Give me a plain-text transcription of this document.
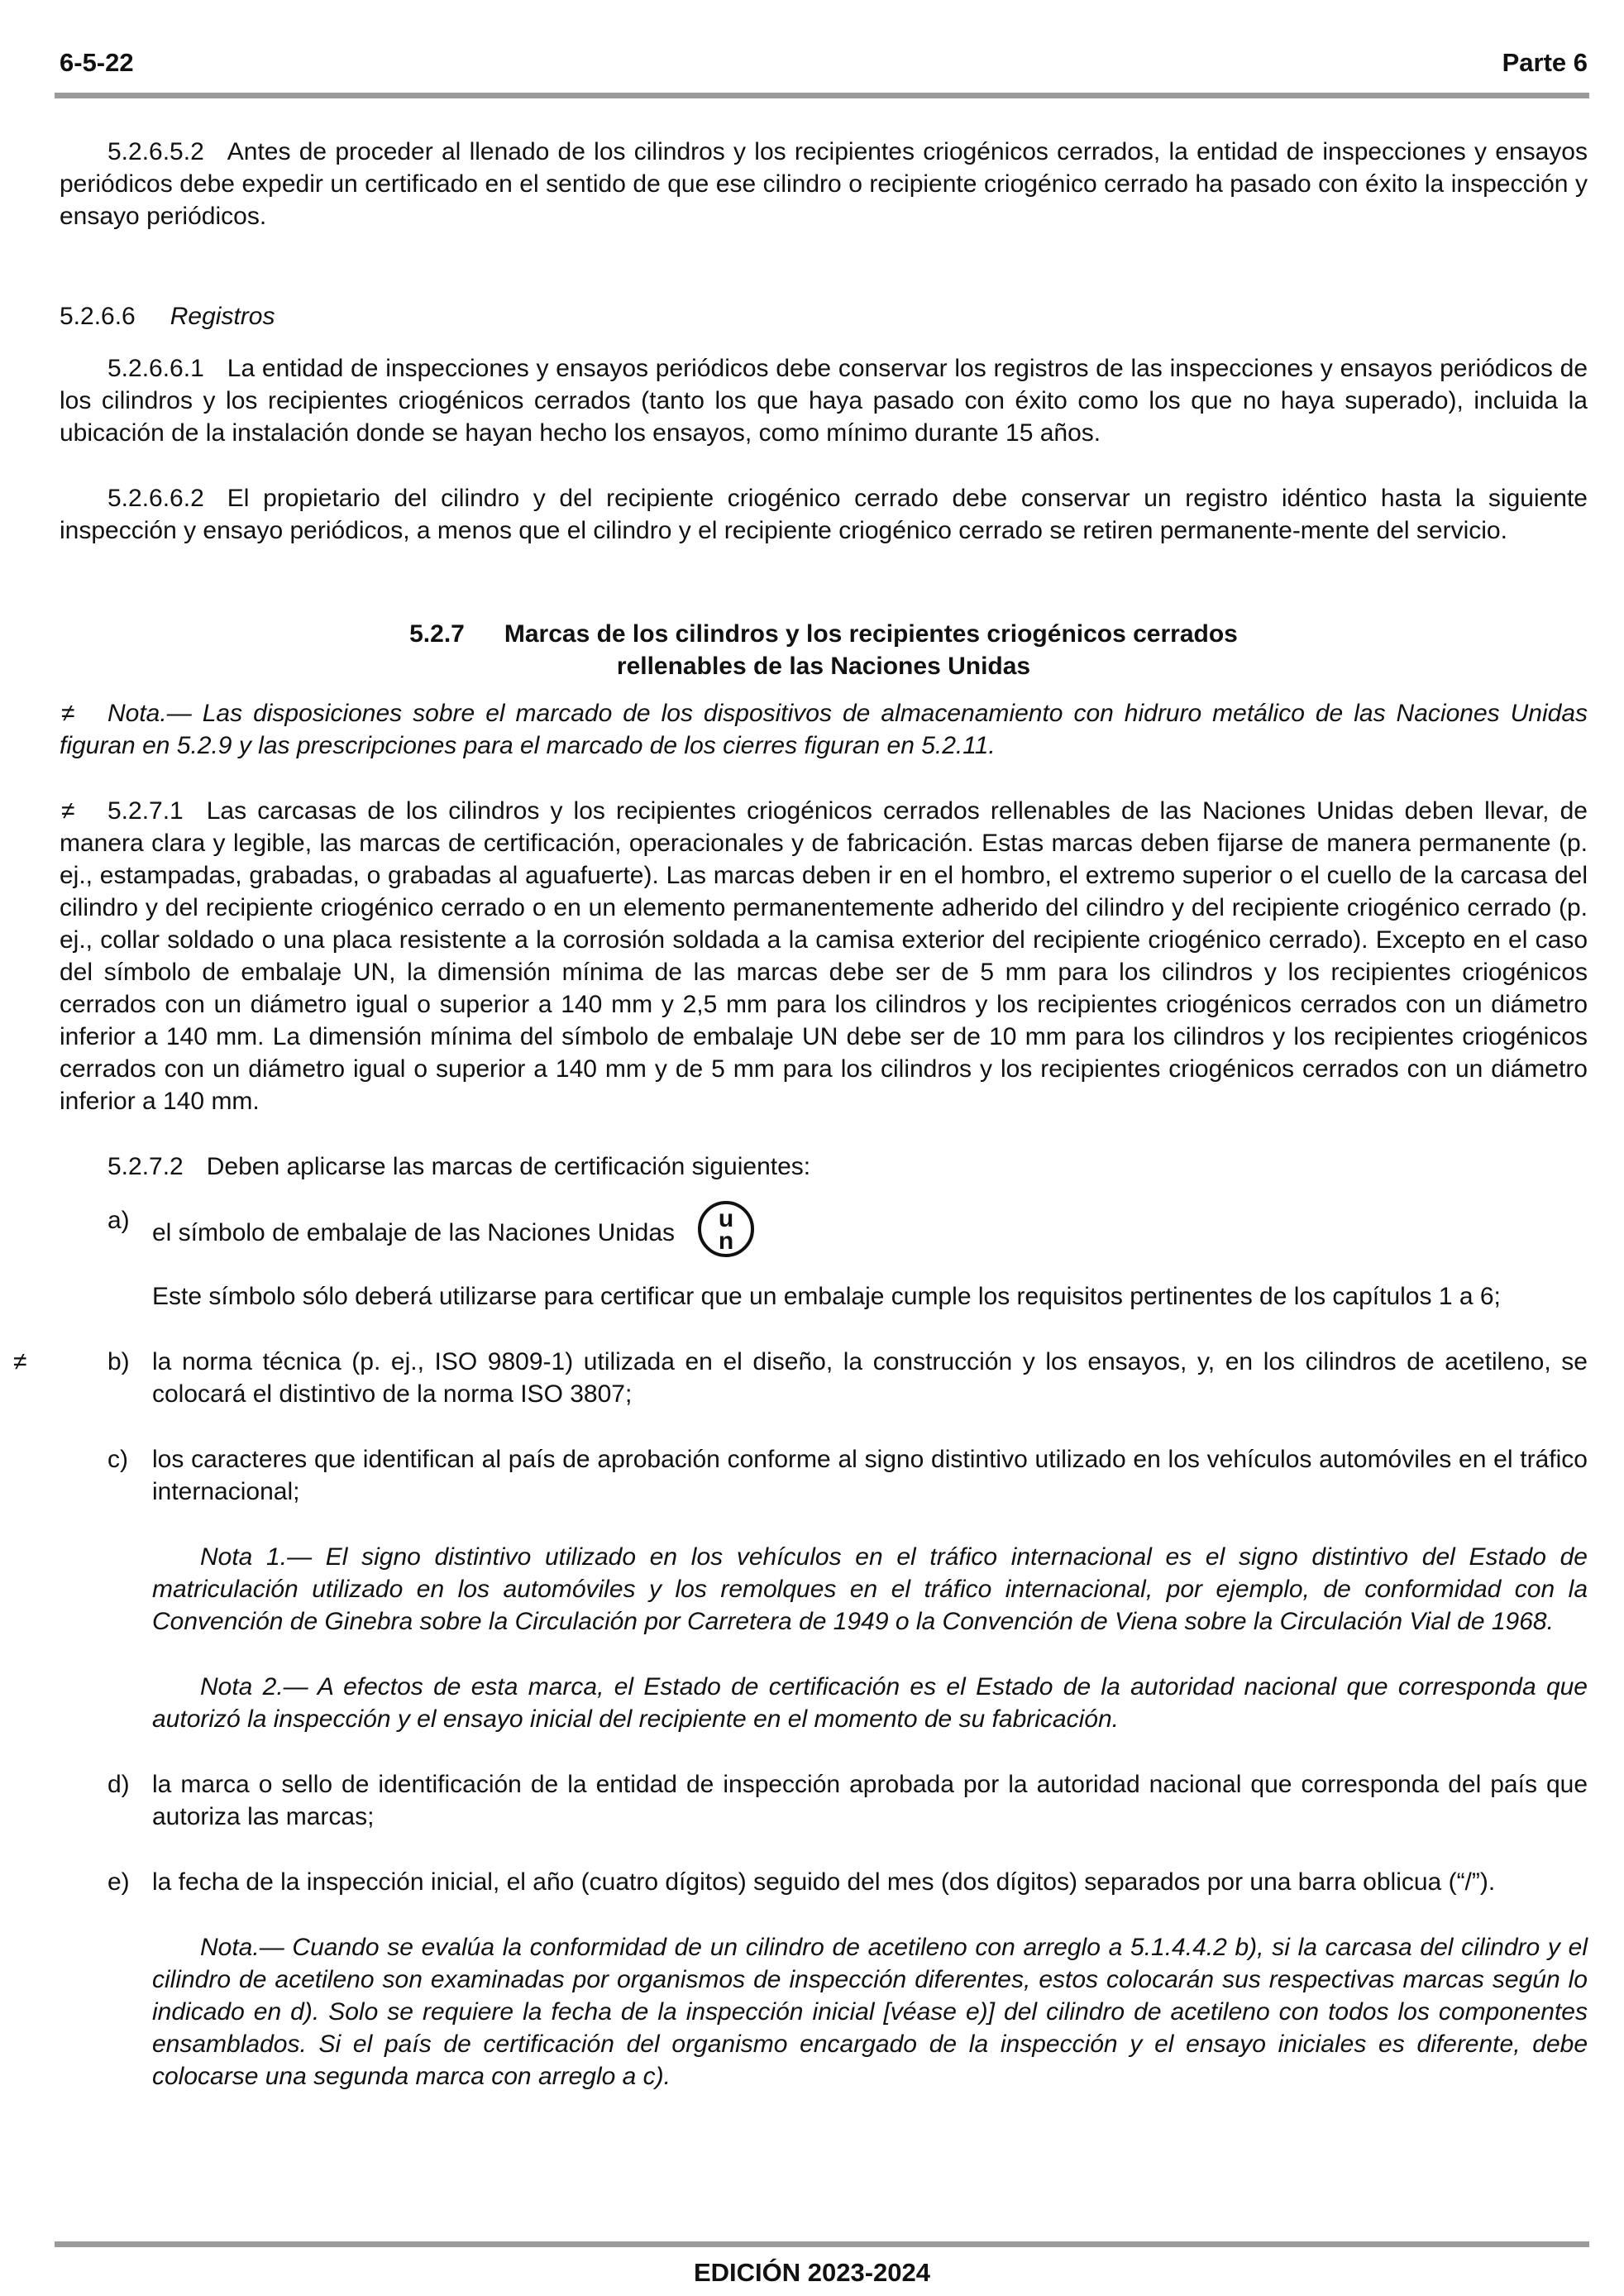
6-5-22	Parte 6
5.2.6.5.2 Antes de proceder al llenado de los cilindros y los recipientes criogénicos cerrados, la entidad de inspecciones y ensayos periódicos debe expedir un certificado en el sentido de que ese cilindro o recipiente criogénico cerrado ha pasado con éxito la inspección y ensayo periódicos.
5.2.6.6 Registros
5.2.6.6.1 La entidad de inspecciones y ensayos periódicos debe conservar los registros de las inspecciones y ensayos periódicos de los cilindros y los recipientes criogénicos cerrados (tanto los que haya pasado con éxito como los que no haya superado), incluida la ubicación de la instalación donde se hayan hecho los ensayos, como mínimo durante 15 años.
5.2.6.6.2 El propietario del cilindro y del recipiente criogénico cerrado debe conservar un registro idéntico hasta la siguiente inspección y ensayo periódicos, a menos que el cilindro y el recipiente criogénico cerrado se retiren permanente-mente del servicio.
5.2.7 Marcas de los cilindros y los recipientes criogénicos cerrados
rellenables de las Naciones Unidas
≠ Nota.— Las disposiciones sobre el marcado de los dispositivos de almacenamiento con hidruro metálico de las Naciones Unidas figuran en 5.2.9 y las prescripciones para el marcado de los cierres figuran en 5.2.11.
≠ 5.2.7.1 Las carcasas de los cilindros y los recipientes criogénicos cerrados rellenables de las Naciones Unidas deben llevar, de manera clara y legible, las marcas de certificación, operacionales y de fabricación. Estas marcas deben fijarse de manera permanente (p. ej., estampadas, grabadas, o grabadas al aguafuerte). Las marcas deben ir en el hombro, el extremo superior o el cuello de la carcasa del cilindro y del recipiente criogénico cerrado o en un elemento permanentemente adherido del cilindro y del recipiente criogénico cerrado (p. ej., collar soldado o una placa resistente a la corrosión soldada a la camisa exterior del recipiente criogénico cerrado). Excepto en el caso del símbolo de embalaje UN, la dimensión mínima de las marcas debe ser de 5 mm para los cilindros y los recipientes criogénicos cerrados con un diámetro igual o superior a 140 mm y 2,5 mm para los cilindros y los recipientes criogénicos cerrados con un diámetro inferior a 140 mm. La dimensión mínima del símbolo de embalaje UN debe ser de 10 mm para los cilindros y los recipientes criogénicos cerrados con un diámetro igual o superior a 140 mm y de 5 mm para los cilindros y los recipientes criogénicos cerrados con un diámetro inferior a 140 mm.
5.2.7.2 Deben aplicarse las marcas de certificación siguientes:
a) el símbolo de embalaje de las Naciones Unidas
u
n
Este símbolo sólo deberá utilizarse para certificar que un embalaje cumple los requisitos pertinentes de los capítulos 1 a 6;
≠	b) la norma técnica (p. ej., ISO 9809-1) utilizada en el diseño, la construcción y los ensayos, y, en los cilindros de acetileno, se colocará el distintivo de la norma ISO 3807;
c) los caracteres que identifican al país de aprobación conforme al signo distintivo utilizado en los vehículos automóviles en el tráfico internacional;
Nota 1.— El signo distintivo utilizado en los vehículos en el tráfico internacional es el signo distintivo del Estado de matriculación utilizado en los automóviles y los remolques en el tráfico internacional, por ejemplo, de conformidad con la Convención de Ginebra sobre la Circulación por Carretera de 1949 o la Convención de Viena sobre la Circulación Vial de 1968.
Nota 2.— A efectos de esta marca, el Estado de certificación es el Estado de la autoridad nacional que corresponda que autorizó la inspección y el ensayo inicial del recipiente en el momento de su fabricación.
d) la marca o sello de identificación de la entidad de inspección aprobada por la autoridad nacional que corresponda del país que autoriza las marcas;
e) la fecha de la inspección inicial, el año (cuatro dígitos) seguido del mes (dos dígitos) separados por una barra oblicua (“/”).
Nota.— Cuando se evalúa la conformidad de un cilindro de acetileno con arreglo a 5.1.4.4.2 b), si la carcasa del cilindro y el cilindro de acetileno son examinadas por organismos de inspección diferentes, estos colocarán sus respectivas marcas según lo indicado en d). Solo se requiere la fecha de la inspección inicial [véase e)] del cilindro de acetileno con todos los componentes ensamblados. Si el país de certificación del organismo encargado de la inspección y el ensayo iniciales es diferente, debe colocarse una segunda marca con arreglo a c).
EDICIÓN 2023-2024
